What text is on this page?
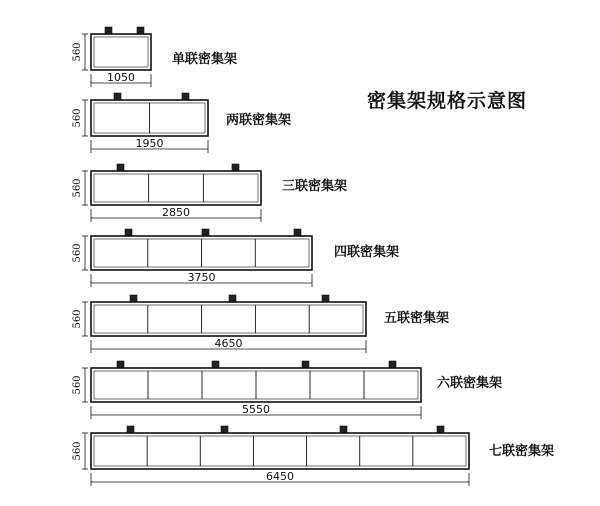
密集架规格示意图
560
1050
单联密集架
560
1950
两联密集架
560
2850
三联密集架
560
3750
四联密集架
560
4650
五联密集架
560
5550
六联密集架
560
6450
七联密集架
